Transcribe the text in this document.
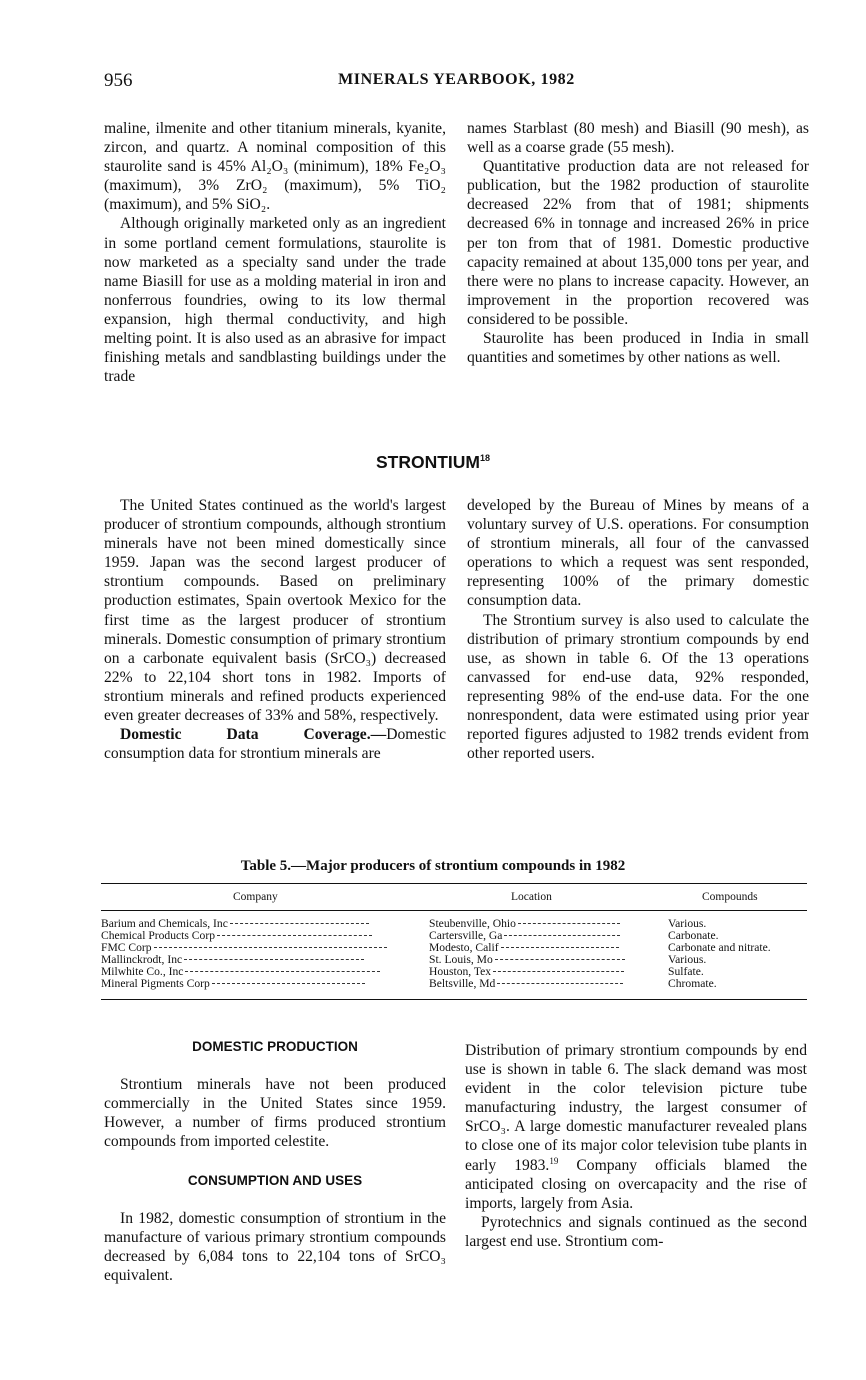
956	MINERALS YEARBOOK, 1982

maline, ilmenite and other titanium minerals, kyanite, zircon, and quartz. A nominal composition of this staurolite sand is 45% Al₂O₃ (minimum), 18% Fe₂O₃ (maximum), 3% ZrO₂ (maximum), 5% TiO₂ (maximum), and 5% SiO₂.

Although originally marketed only as an ingredient in some portland cement formulations, staurolite is now marketed as a specialty sand under the trade name Biasill for use as a molding material in iron and nonferrous foundries, owing to its low thermal expansion, high thermal conductivity, and high melting point. It is also used as an abrasive for impact finishing metals and sandblasting buildings under the trade

names Starblast (80 mesh) and Biasill (90 mesh), as well as a coarse grade (55 mesh).

Quantitative production data are not released for publication, but the 1982 production of staurolite decreased 22% from that of 1981; shipments decreased 6% in tonnage and increased 26% in price per ton from that of 1981. Domestic productive capacity remained at about 135,000 tons per year, and there were no plans to increase capacity. However, an improvement in the proportion recovered was considered to be possible.

Staurolite has been produced in India in small quantities and sometimes by other nations as well.

STRONTIUM$^{18}$

The United States continued as the world's largest producer of strontium compounds, although strontium minerals have not been mined domestically since 1959. Japan was the second largest producer of strontium compounds. Based on preliminary production estimates, Spain overtook Mexico for the first time as the largest producer of strontium minerals. Domestic consumption of primary strontium on a carbonate equivalent basis (SrCO₃) decreased 22% to 22,104 short tons in 1982. Imports of strontium minerals and refined products experienced even greater decreases of 33% and 58%, respectively.

Domestic Data Coverage.—Domestic consumption data for strontium minerals are

developed by the Bureau of Mines by means of a voluntary survey of U.S. operations. For consumption of strontium minerals, all four of the canvassed operations to which a request was sent responded, representing 100% of the primary domestic consumption data.

The Strontium survey is also used to calculate the distribution of primary strontium compounds by end use, as shown in table 6. Of the 13 operations canvassed for end-use data, 92% responded, representing 98% of the end-use data. For the one nonrespondent, data were estimated using prior year reported figures adjusted to 1982 trends evident from other reported users.

Table 5.—Major producers of strontium compounds in 1982
Company	Location	Compounds
Barium and Chemicals, Inc	Steubenville, Ohio	Various.
Chemical Products Corp	Cartersville, Ga	Carbonate.
FMC Corp	Modesto, Calif	Carbonate and nitrate.
Mallinckrodt, Inc	St. Louis, Mo	Various.
Milwhite Co., Inc	Houston, Tex	Sulfate.
Mineral Pigments Corp	Beltsville, Md	Chromate.

DOMESTIC PRODUCTION

Strontium minerals have not been produced commercially in the United States since 1959. However, a number of firms produced strontium compounds from imported celestite.

CONSUMPTION AND USES

In 1982, domestic consumption of strontium in the manufacture of various primary strontium compounds decreased by 6,084 tons to 22,104 tons of SrCO₃ equivalent.

Distribution of primary strontium compounds by end use is shown in table 6. The slack demand was most evident in the color television picture tube manufacturing industry, the largest consumer of SrCO₃. A large domestic manufacturer revealed plans to close one of its major color television tube plants in early 1983.19 Company officials blamed the anticipated closing on overcapacity and the rise of imports, largely from Asia.

Pyrotechnics and signals continued as the second largest end use. Strontium com-
